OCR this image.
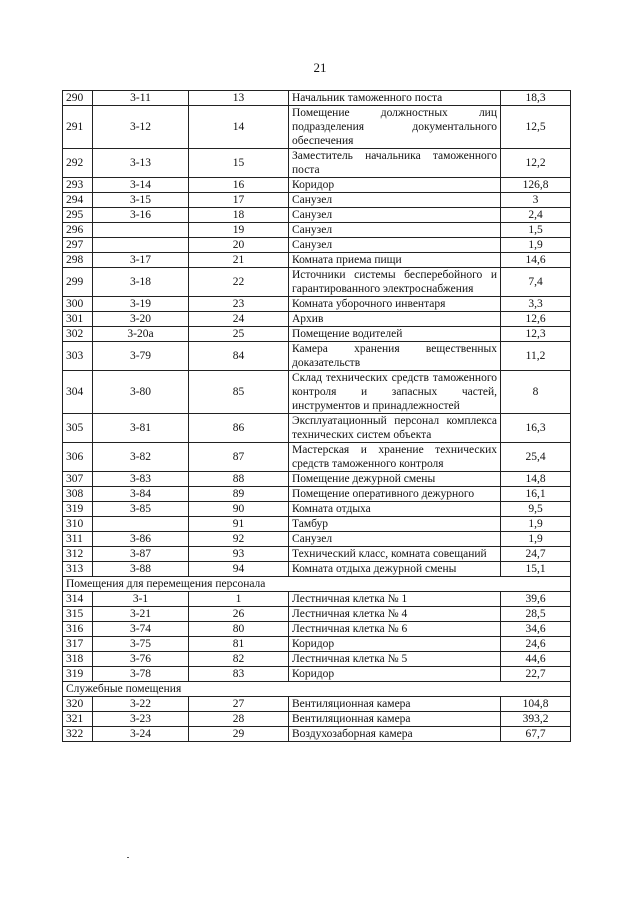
21
290	3-11	13	Начальник таможенного поста	18,3
291	3-12	14	Помещение должностных лиц подразделения документального обеспечения	12,5
292	3-13	15	Заместитель начальника таможенного поста	12,2
293	3-14	16	Коридор	126,8
294	3-15	17	Санузел	3
295	3-16	18	Санузел	2,4
296		19	Санузел	1,5
297		20	Санузел	1,9
298	3-17	21	Комната приема пищи	14,6
299	3-18	22	Источники системы бесперебойного и гарантированного электроснабжения	7,4
300	3-19	23	Комната уборочного инвентаря	3,3
301	3-20	24	Архив	12,6
302	3-20а	25	Помещение водителей	12,3
303	3-79	84	Камера хранения вещественных доказательств	11,2
304	3-80	85	Склад технических средств таможенного контроля и запасных частей, инструментов и принадлежностей	8
305	3-81	86	Эксплуатационный персонал комплекса технических систем объекта	16,3
306	3-82	87	Мастерская и хранение технических средств таможенного контроля	25,4
307	3-83	88	Помещение дежурной смены	14,8
308	3-84	89	Помещение оперативного дежурного	16,1
319	3-85	90	Комната отдыха	9,5
310		91	Тамбур	1,9
311	3-86	92	Санузел	1,9
312	3-87	93	Технический класс, комната совещаний	24,7
313	3-88	94	Комната отдыха дежурной смены	15,1
Помещения для перемещения персонала				
314	3-1	1	Лестничная клетка № 1	39,6
315	3-21	26	Лестничная клетка № 4	28,5
316	3-74	80	Лестничная клетка № 6	34,6
317	3-75	81	Коридор	24,6
318	3-76	82	Лестничная клетка № 5	44,6
319	3-78	83	Коридор	22,7
Служебные помещения				
320	3-22	27	Вентиляционная камера	104,8
321	3-23	28	Вентиляционная камера	393,2
322	3-24	29	Воздухозаборная камера	67,7
